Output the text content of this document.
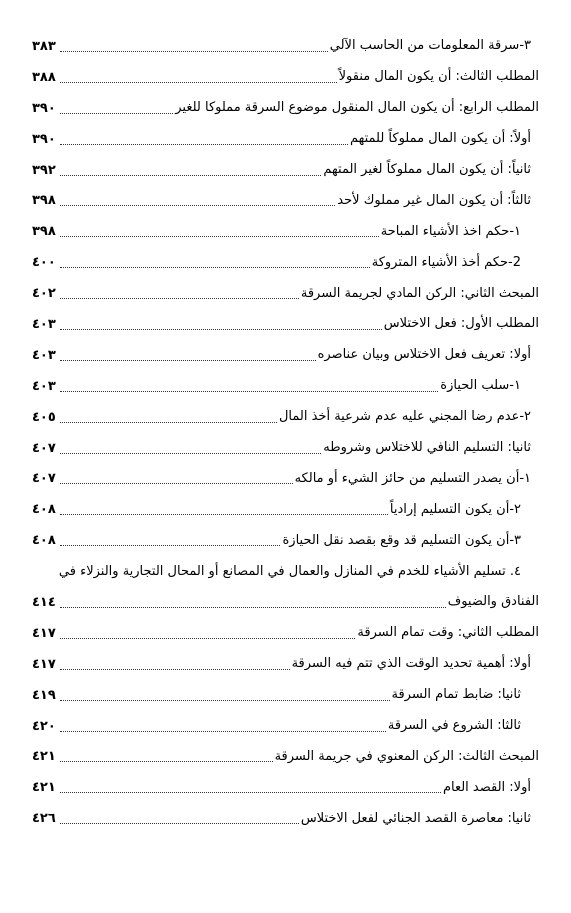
٣-سرقة المعلومات من الحاسب الآلي
٣٨٣
المطلب الثالث: أن يكون المال منقولاً
٣٨٨
المطلب الرابع: أن يكون المال المنقول موضوع السرقة مملوكا للغير
٣٩٠
أولاً: أن يكون المال مملوكاً للمتهم
٣٩٠
ثانياً: أن يكون المال مملوكاً لغير المتهم
٣٩٢
ثالثاً: أن يكون المال غير مملوك لأحد
٣٩٨
١-حكم اخذ الأشياء المباحة
٣٩٨
2-حكم أخذ الأشياء المتروكة
٤٠٠
المبحث الثاني: الركن المادي لجريمة السرقة
٤٠٢
المطلب الأول: فعل الاختلاس
٤٠٣
أولا: تعريف فعل الاختلاس وبيان عناصره
٤٠٣
١-سلب الحيازة
٤٠٣
٢-عدم رضا المجني عليه عدم شرعية أخذ المال
٤٠٥
ثانيا: التسليم النافي للاختلاس وشروطه
٤٠٧
١-أن يصدر التسليم من حائز الشيء أو مالكه
٤٠٧
٢-أن يكون التسليم إرادياً
٤٠٨
٣-أن يكون التسليم قد وقع بقصد نقل الحيازة
٤٠٨
٤. تسليم الأشياء للخدم في المنازل والعمال في المصانع أو المحال التجارية والنزلاء في
الفنادق والضيوف
٤١٤
المطلب الثاني: وقت تمام السرقة
٤١٧
أولا: أهمية تحديد الوقت الذي تتم فيه السرقة
٤١٧
ثانيا: ضابط تمام السرقة
٤١٩
ثالثا: الشروع في السرقة
٤٢٠
المبحث الثالث: الركن المعنوي في جريمة السرقة
٤٢١
أولا: القصد العام
٤٢١
ثانيا: معاصرة القصد الجنائي لفعل الاختلاس
٤٢٦
